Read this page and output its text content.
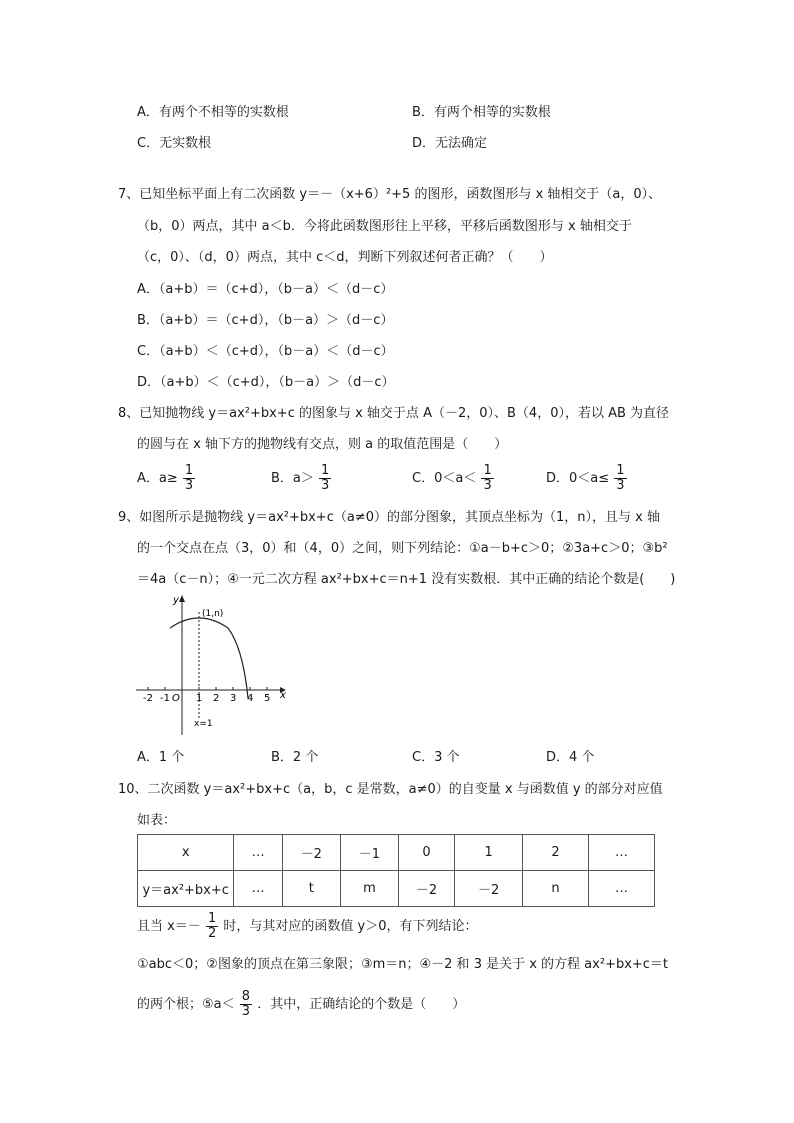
A．有两个不相等的实数根	B．有两个相等的实数根
C．无实数根	D．无法确定
7、已知坐标平面上有二次函数 y＝－（x+6）²+5 的图形，函数图形与 x 轴相交于（a，0）、
（b，0）两点，其中 a＜b．今将此函数图形往上平移，平移后函数图形与 x 轴相交于
（c，0）、（d，0）两点，其中 c＜d，判断下列叙述何者正确？（　　）
A．（a+b）＝（c+d），（b－a）＜（d－c）
B．（a+b）＝（c+d），（b－a）＞（d－c）
C．（a+b）＜（c+d），（b－a）＜（d－c）
D．（a+b）＜（c+d），（b－a）＞（d－c）
8、已知抛物线 y＝ax²+bx+c 的图象与 x 轴交于点 A（－2，0）、B（4，0），若以 AB 为直径
的圆与在 x 轴下方的抛物线有交点，则 a 的取值范围是（　　）
A．$a\ge \frac{1}{3}$	B．$a> \frac{1}{3}$	C．$0<a< \frac{1}{3}$	D．$0<a\le \frac{1}{3}$
9、如图所示是抛物线 y＝ax²+bx+c（a≠0）的部分图象，其顶点坐标为（1，n），且与 x 轴
的一个交点在点（3，0）和（4，0）之间，则下列结论：①a－b+c＞0；②3a+c＞0；③b²
＝4a（c－n）；④一元二次方程 ax²+bx+c＝n+1 没有实数根．其中正确的结论个数是(　　)
y
x
(1,n)
O
-2 -1	1 2 3 4 5
x=1
A．1 个	B．2 个	C．3 个	D．4 个
10、二次函数 y＝ax²+bx+c（a，b，c 是常数，a≠0）的自变量 x 与函数值 y 的部分对应值
如表：
x	…	－2	－1	0	1	2	…
y＝ax²+bx+c	…	t	m	－2	－2	n	…
且当 $x=- \frac{1}{2}$ 时，与其对应的函数值 y＞0，有下列结论：
①abc＜0；②图象的顶点在第三象限；③m＝n；④－2 和 3 是关于 x 的方程 ax²+bx+c＝t
的两个根；⑤a＜ $\frac{8}{3}$ ．其中，正确结论的个数是（　　）
